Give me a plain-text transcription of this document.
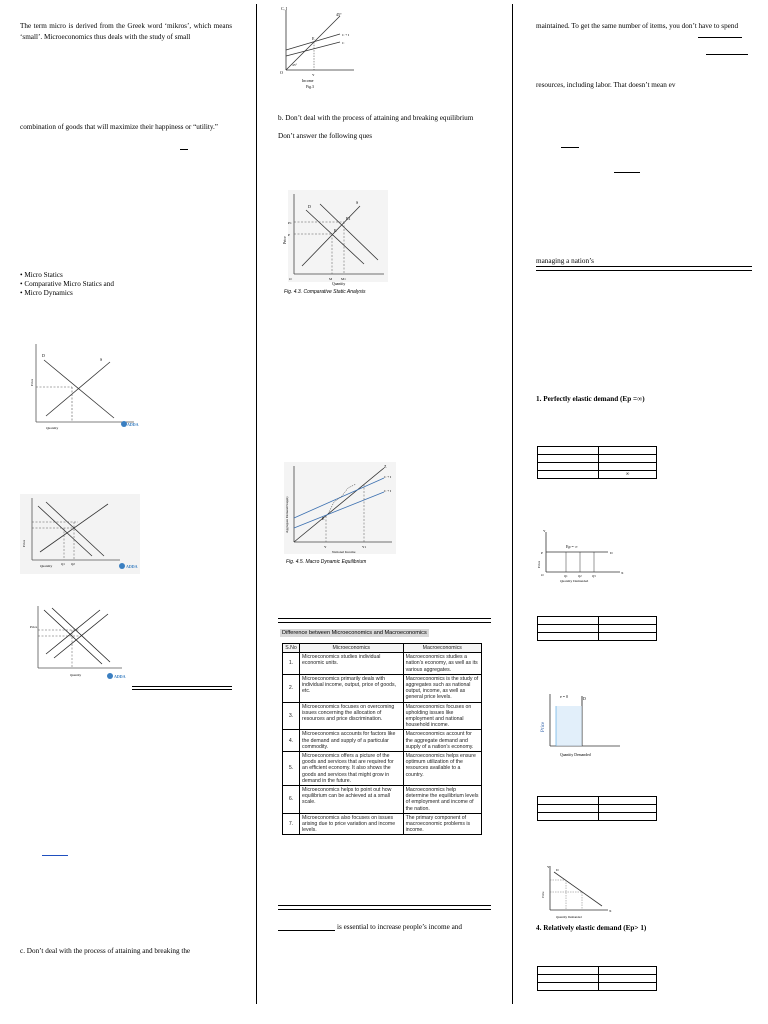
The term micro is derived from the Greek word ‘mikros’, which means ‘small’. Microeconomics thus deals with the study of small
combination of goods that will maximize their happiness or “utility.”
• Micro Statics
• Comparative Micro Statics and
• Micro Dynamics
D
S
Price
Quantity
ADDA
Price
Quantity	Q1 Q2	ADDA
Price
Quantity	ADDA
c. Don’t deal with the process of attaining and breaking the
C, I
45°
45°
E
C + I
C
O	Y
Income
Fig.3
b. Don’t deal with the process of attaining and breaking equilibrium
Don’t answer the following ques
D
S
E
E1
P1
P
M	M1
O
Price
Quantity
Fig. 4.3. Comparative Static Analysis
Z
C + I
C + I
E
Y	Y1
Aggregate Demand Supply
National Income
Fig. 4.5. Macro Dynamic Equilibrium
Difference between Microeconomics and Macroeconomics
S.No	Microeconomics	Macroeconomics
1.	Microeconomics studies individual economic units.	Macroeconomics studies a nation’s economy, as well as its various aggregates.
2.	Microeconomics primarily deals with individual income, output, price of goods, etc.	Macroeconomics is the study of aggregates such as national output, income, as well as general price levels.
3.	Microeconomics focuses on overcoming issues concerning the allocation of resources and price discrimination.	Macroeconomics focuses on upholding issues like employment and national household income.
4.	Microeconomics accounts for factors like the demand and supply of a particular commodity.	Macroeconomics account for the aggregate demand and supply of a nation’s economy.
5.	Microeconomics offers a picture of the goods and services that are required for an efficient economy. It also shows the goods and services that might grow in demand in the future.	Macroeconomics helps ensure optimum utilization of the resources available to a country.
6.	Microeconomics helps to point out how equilibrium can be achieved at a small scale.	Macroeconomics help determine the equilibrium levels of employment and income of the nation.
7.	Microeconomics also focuses on issues arising due to price variation and income levels.	The primary component of macroeconomic problems is income.
is essential to increase people’s income and
maintained. To get the same number of items, you don’t have to spend
resources, including labor. That doesn’t mean ev
managing a nation’s
1. Perfectly elastic demand (Ep =∞)

	∞
Ep = ∞
Y
P	D
O	X
Q1	Q2	Q3
Price
Quantity Demanded

e = 0	D
Price
Quantity Demanded

Y
D
X
Price
Quantity Demanded
4. Relatively elastic demand (Ep> 1)
